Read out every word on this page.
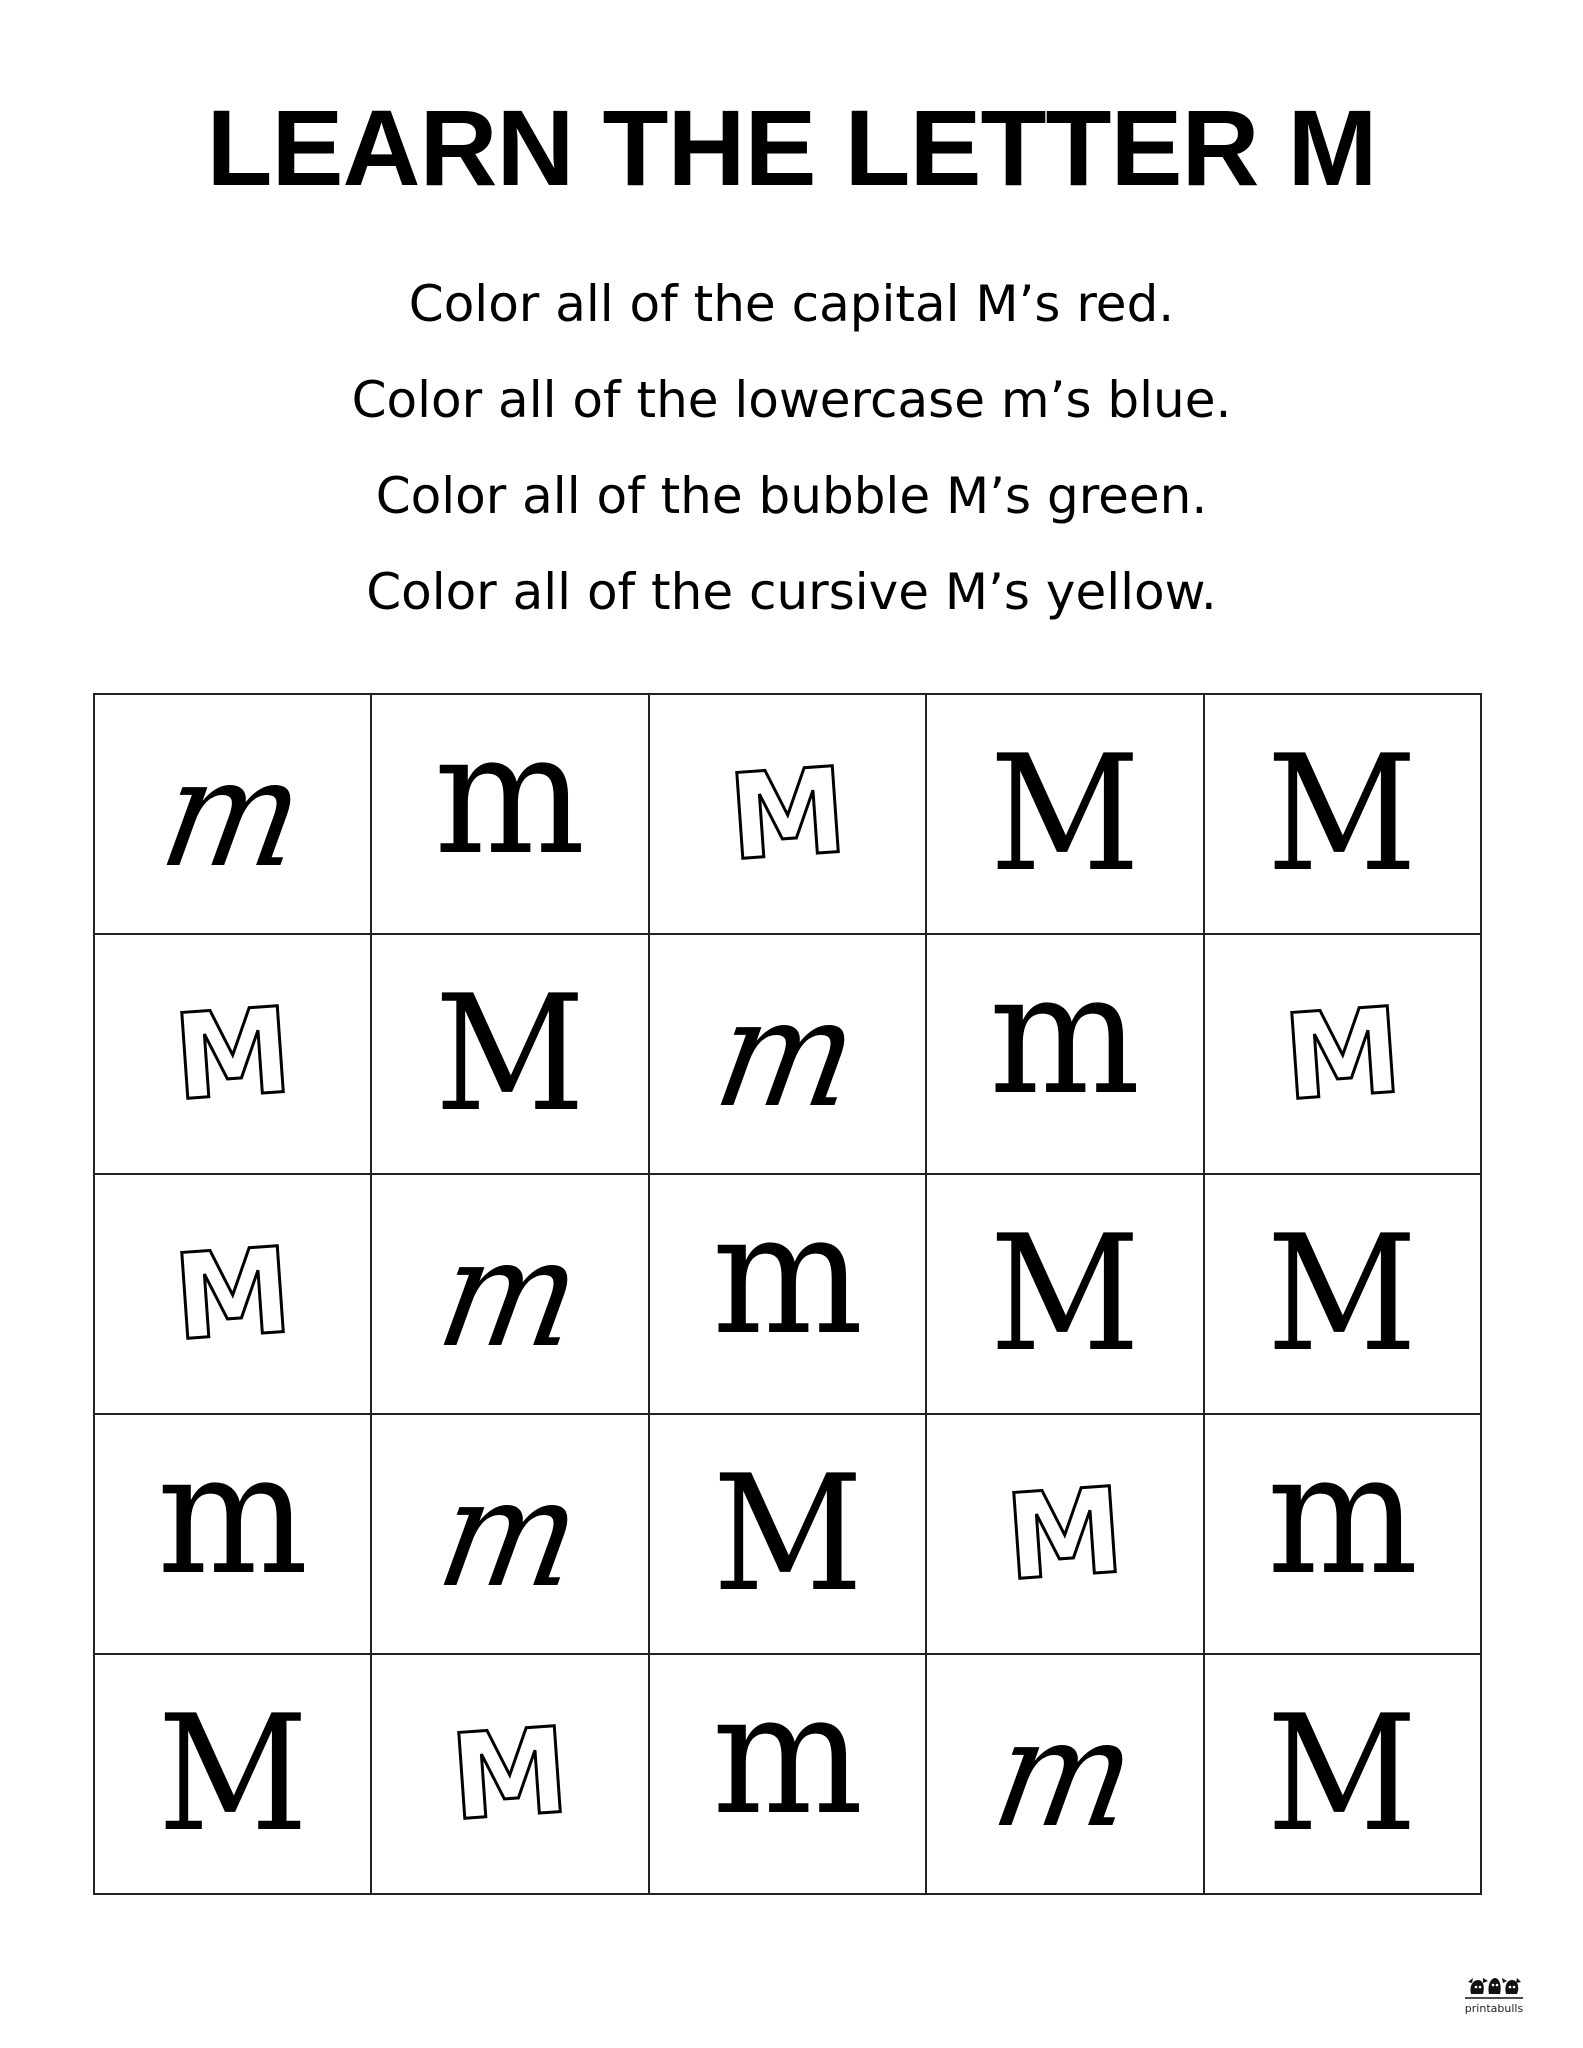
LEARN THE LETTER M
Color all of the capital M’s red.
Color all of the lowercase m’s blue.
Color all of the bubble M’s green.
Color all of the cursive M’s yellow.
m m M M M
M M m m M
M m m M M
m m M M m
M M m m M
printabulls
